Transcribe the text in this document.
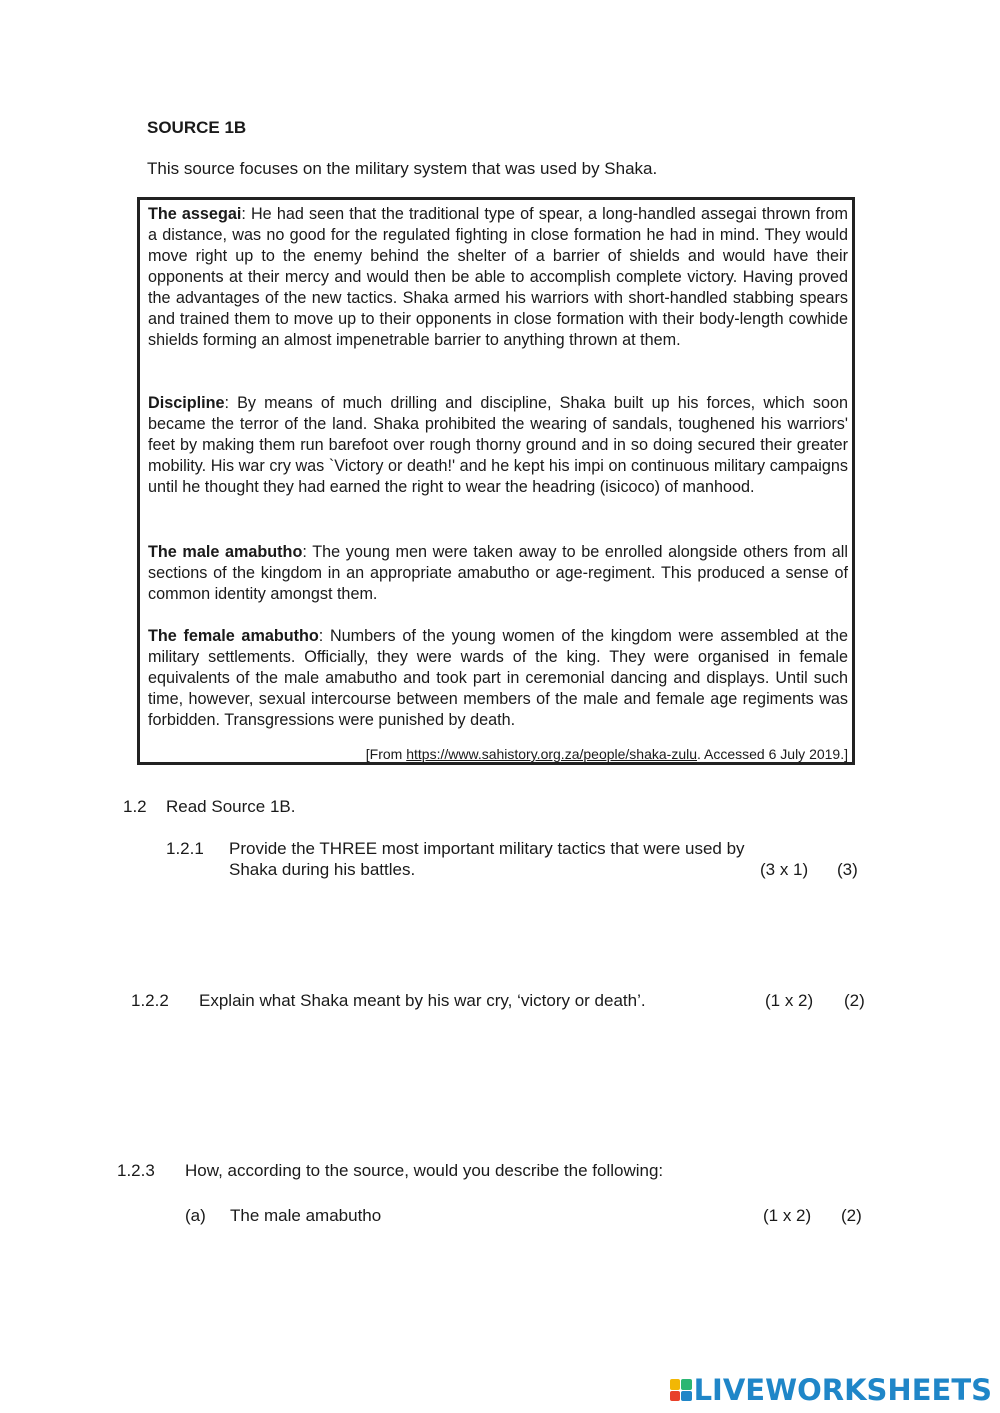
SOURCE 1B
This source focuses on the military system that was used by Shaka.
The assegai: He had seen that the traditional type of spear, a long-handled assegai thrown from a distance, was no good for the regulated fighting in close formation he had in mind. They would move right up to the enemy behind the shelter of a barrier of shields and would have their opponents at their mercy and would then be able to accomplish complete victory. Having proved the advantages of the new tactics. Shaka armed his warriors with short-handled stabbing spears and trained them to move up to their opponents in close formation with their body-length cowhide shields forming an almost impenetrable barrier to anything thrown at them.
Discipline: By means of much drilling and discipline, Shaka built up his forces, which soon became the terror of the land. Shaka prohibited the wearing of sandals, toughened his warriors' feet by making them run barefoot over rough thorny ground and in so doing secured their greater mobility. His war cry was `Victory or death!' and he kept his impi on continuous military campaigns until he thought they had earned the right to wear the headring (isicoco) of manhood.
The male amabutho: The young men were taken away to be enrolled alongside others from all sections of the kingdom in an appropriate amabutho or age-regiment. This produced a sense of common identity amongst them.
The female amabutho: Numbers of the young women of the kingdom were assembled at the military settlements. Officially, they were wards of the king. They were organised in female equivalents of the male amabutho and took part in ceremonial dancing and displays. Until such time, however, sexual intercourse between members of the male and female age regiments was forbidden. Transgressions were punished by death.
[From https://www.sahistory.org.za/people/shaka-zulu. Accessed 6 July 2019.]
1.2 Read Source 1B.
1.2.1 Provide the THREE most important military tactics that were used by
Shaka during his battles.	(3 x 1) (3)
1.2.2 Explain what Shaka meant by his war cry, ‘victory or death’.	(1 x 2) (2)
1.2.3 How, according to the source, would you describe the following:
(a) The male amabutho	(1 x 2) (2)
LIVEWORKSHEETS
